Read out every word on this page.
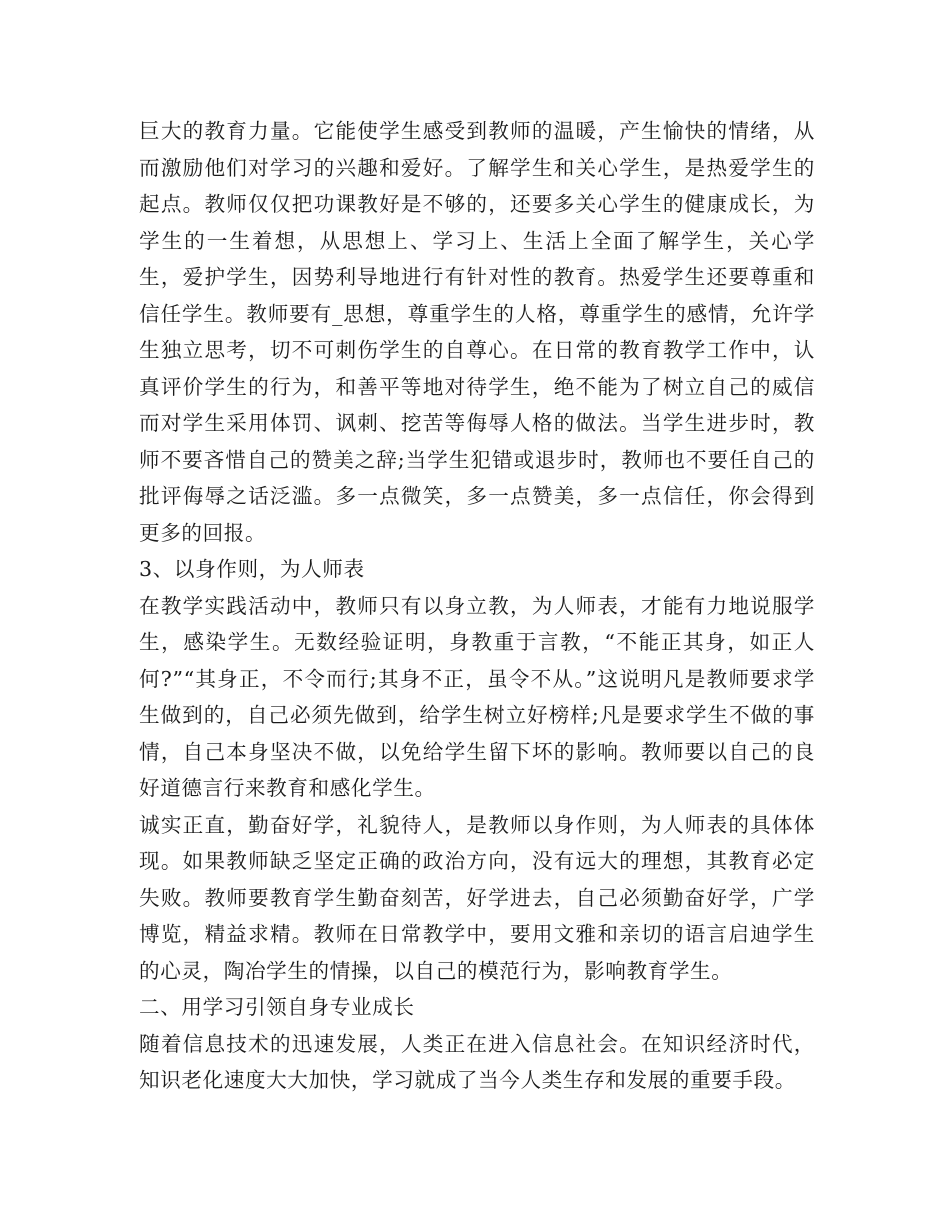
巨大的教育力量。它能使学生感受到教师的温暖，产生愉快的情绪，从而激励他们对学习的兴趣和爱好。了解学生和关心学生，是热爱学生的起点。教师仅仅把功课教好是不够的，还要多关心学生的健康成长，为学生的一生着想，从思想上、学习上、生活上全面了解学生，关心学生，爱护学生，因势利导地进行有针对性的教育。热爱学生还要尊重和信任学生。教师要有_思想，尊重学生的人格，尊重学生的感情，允许学生独立思考，切不可刺伤学生的自尊心。在日常的教育教学工作中，认真评价学生的行为，和善平等地对待学生，绝不能为了树立自己的威信而对学生采用体罚、讽刺、挖苦等侮辱人格的做法。当学生进步时，教师不要吝惜自己的赞美之辞;当学生犯错或退步时，教师也不要任自己的批评侮辱之话泛滥。多一点微笑，多一点赞美，多一点信任，你会得到更多的回报。

3、以身作则，为人师表

在教学实践活动中，教师只有以身立教，为人师表，才能有力地说服学生，感染学生。无数经验证明，身教重于言教，“不能正其身，如正人何?”“其身正，不令而行;其身不正，虽令不从。”这说明凡是教师要求学生做到的，自己必须先做到，给学生树立好榜样;凡是要求学生不做的事情，自己本身坚决不做，以免给学生留下坏的影响。教师要以自己的良好道德言行来教育和感化学生。

诚实正直，勤奋好学，礼貌待人，是教师以身作则，为人师表的具体体现。如果教师缺乏坚定正确的政治方向，没有远大的理想，其教育必定失败。教师要教育学生勤奋刻苦，好学进去，自己必须勤奋好学，广学博览，精益求精。教师在日常教学中，要用文雅和亲切的语言启迪学生的心灵，陶冶学生的情操，以自己的模范行为，影响教育学生。

二、用学习引领自身专业成长

随着信息技术的迅速发展，人类正在进入信息社会。在知识经济时代，知识老化速度大大加快，学习就成了当今人类生存和发展的重要手段。
